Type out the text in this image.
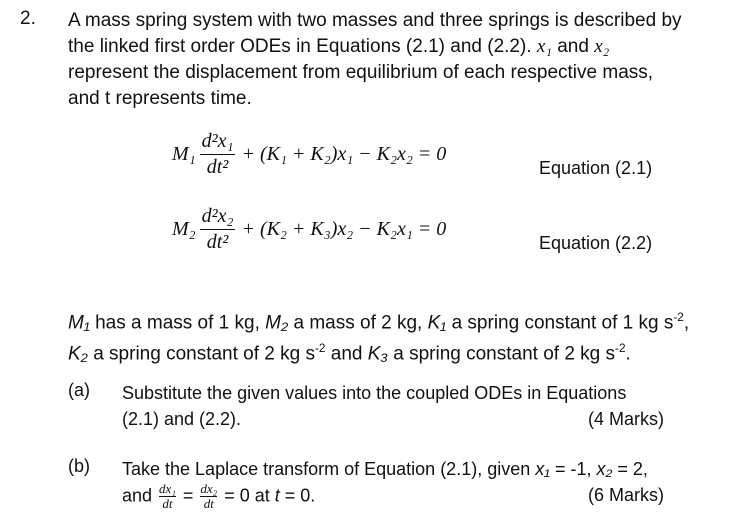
2. A mass spring system with two masses and three springs is described by
the linked first order ODEs in Equations (2.1) and (2.2). x₁ and x₂
represent the displacement from equilibrium of each respective mass,
and t represents time.
$M_1 \frac{\text{d²x₁}}{\text{dt²}} + (K_1 + K_2)x_1 - K_2x_2 = 0$
Equation (2.1)
$M_2 \frac{\text{d²x₂}}{\text{dt²}} + (K_2 + K_3)x_2 - K_2x_1 = 0$
Equation (2.2)
M₁ has a mass of 1 kg, M₂ a mass of 2 kg, K₁ a spring constant of 1 kg $s^{-2}$,
K₂ a spring constant of 2 kg $s^{-2}$ and K₃ a spring constant of 2 kg $s^{-2}$.
(a) Substitute the given values into the coupled ODEs in Equations
(2.1) and (2.2).	(4 Marks)
(b) Take the Laplace transform of Equation (2.1), given x₁ = -1, x₂ = 2,
and $\frac{\text{dx₁}}{dt} = \frac{\text{dx₂}}{dt} = 0$ at t = 0.	(6 Marks)
